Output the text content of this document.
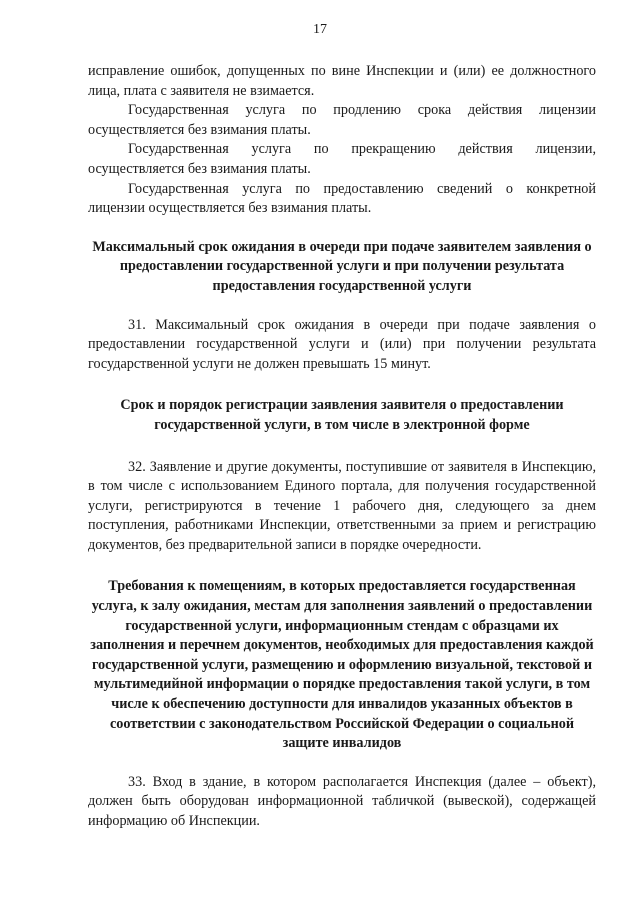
17

исправление ошибок, допущенных по вине Инспекции и (или) ее должностного лица, плата с заявителя не взимается.

Государственная услуга по продлению срока действия лицензии осуществляется без взимания платы.

Государственная услуга по прекращению действия лицензии, осуществляется без взимания платы.

Государственная услуга по предоставлению сведений о конкретной лицензии осуществляется без взимания платы.

Максимальный срок ожидания в очереди при подаче заявителем заявления о предоставлении государственной услуги и при получении результата предоставления государственной услуги

31. Максимальный срок ожидания в очереди при подаче заявления о предоставлении государственной услуги и (или) при получении результата государственной услуги не должен превышать 15 минут.

Срок и порядок регистрации заявления заявителя о предоставлении государственной услуги, в том числе в электронной форме

32. Заявление и другие документы, поступившие от заявителя в Инспекцию, в том числе с использованием Единого портала, для получения государственной услуги, регистрируются в течение 1 рабочего дня, следующего за днем поступления, работниками Инспекции, ответственными за прием и регистрацию документов, без предварительной записи в порядке очередности.

Требования к помещениям, в которых предоставляется государственная услуга, к залу ожидания, местам для заполнения заявлений о предоставлении государственной услуги, информационным стендам с образцами их заполнения и перечнем документов, необходимых для предоставления каждой государственной услуги, размещению и оформлению визуальной, текстовой и мультимедийной информации о порядке предоставления такой услуги, в том числе к обеспечению доступности для инвалидов указанных объектов в соответствии с законодательством Российской Федерации о социальной защите инвалидов

33. Вход в здание, в котором располагается Инспекция (далее – объект), должен быть оборудован информационной табличкой (вывеской), содержащей информацию об Инспекции.
